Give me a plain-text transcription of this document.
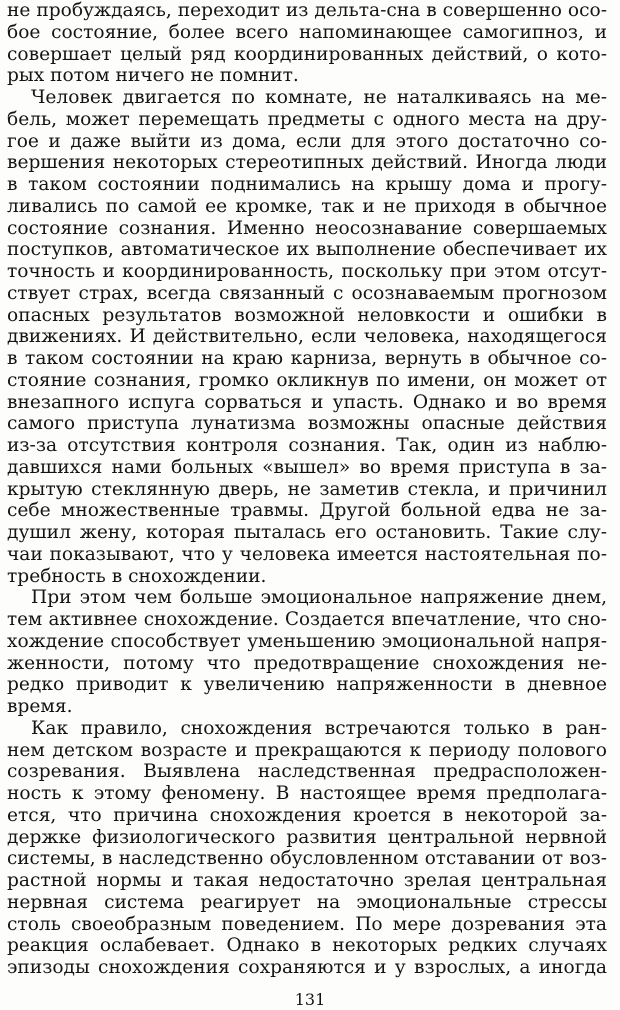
не пробуждаясь, переходит из дельта-сна в совершенно осо-
бое состояние, более всего напоминающее самогипноз, и
совершает целый ряд координированных действий, о кото-
рых потом ничего не помнит.
Человек двигается по комнате, не наталкиваясь на ме-
бель, может перемещать предметы с одного места на дру-
гое и даже выйти из дома, если для этого достаточно со-
вершения некоторых стереотипных действий. Иногда люди
в таком состоянии поднимались на крышу дома и прогу-
ливались по самой ее кромке, так и не приходя в обычное
состояние сознания. Именно неосознавание совершаемых
поступков, автоматическое их выполнение обеспечивает их
точность и координированность, поскольку при этом отсут-
ствует страх, всегда связанный с осознаваемым прогнозом
опасных результатов возможной неловкости и ошибки в
движениях. И действительно, если человека, находящегося
в таком состоянии на краю карниза, вернуть в обычное со-
стояние сознания, громко окликнув по имени, он может от
внезапного испуга сорваться и упасть. Однако и во время
самого приступа лунатизма возможны опасные действия
из-за отсутствия контроля сознания. Так, один из наблю-
давшихся нами больных «вышел» во время приступа в за-
крытую стеклянную дверь, не заметив стекла, и причинил
себе множественные травмы. Другой больной едва не за-
душил жену, которая пыталась его остановить. Такие слу-
чаи показывают, что у человека имеется настоятельная по-
требность в снохождении.
При этом чем больше эмоциональное напряжение днем,
тем активнее снохождение. Создается впечатление, что сно-
хождение способствует уменьшению эмоциональной напря-
женности, потому что предотвращение снохождения не-
редко приводит к увеличению напряженности в дневное
время.
Как правило, снохождения встречаются только в ран-
нем детском возрасте и прекращаются к периоду полового
созревания. Выявлена наследственная предрасположен-
ность к этому феномену. В настоящее время предполага-
ется, что причина снохождения кроется в некоторой за-
держке физиологического развития центральной нервной
системы, в наследственно обусловленном отставании от воз-
растной нормы и такая недостаточно зрелая центральная
нервная система реагирует на эмоциональные стрессы
столь своеобразным поведением. По мере дозревания эта
реакция ослабевает. Однако в некоторых редких случаях
эпизоды снохождения сохраняются и у взрослых, а иногда
131
